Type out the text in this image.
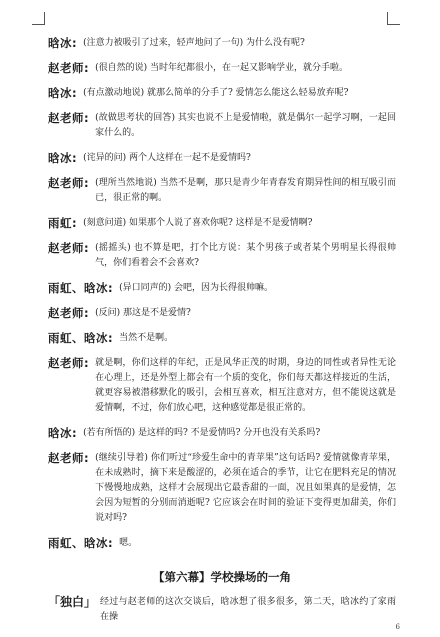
晗冰: (注意力被吸引了过来，轻声地问了一句) 为什么没有呢?
赵老师: (很自然的说) 当时年纪都很小，在一起又影响学业，就分手啦。
晗冰: (有点激动地说) 就那么简单的分手了? 爱情怎么能这么轻易放弃呢?
赵老师: (故做思考状的回答) 其实也说不上是爱情啦，就是偶尔一起学习啊，一起回家什么的。
晗冰: (诧异的问) 两个人这样在一起不是爱情吗?
赵老师: (理所当然地说) 当然不是啊，那只是青少年青春发育期异性间的相互吸引而已，很正常的啊。
雨虹: (刻意问道) 如果那个人说了喜欢你呢? 这样是不是爱情啊?
赵老师: (摇摇头) 也不算是吧，打个比方说：某个男孩子或者某个男明星长得很帅气，你们看着会不会喜欢?
雨虹、晗冰: (异口同声的) 会吧，因为长得很帅嘛。
赵老师: (反问) 那这是不是爱情?
雨虹、晗冰: 当然不是啊。
赵老师: 就是啊，你们这样的年纪，正是风华正茂的时期，身边的同性或者异性无论在心理上，还是外型上都会有一个质的变化，你们每天都这样接近的生活，就更容易被潜移默化的吸引，会相互喜欢，相互注意对方，但不能说这就是爱情啊，不过，你们放心吧，这种感觉都是很正常的。
晗冰: (若有所悟的) 是这样的吗? 不是爱情吗? 分开也没有关系吗?
赵老师: (继续引导着) 你们听过“珍爱生命中的青苹果”这句话吗? 爱情就像青苹果，在未成熟时，摘下来是酸涩的，必须在适合的季节，让它在肥料充足的情况下慢慢地成熟，这样才会展现出它最香甜的一面，况且如果真的是爱情，怎会因为短暂的分别而消逝呢? 它应该会在时间的验证下变得更加甜美，你们说对吗?
雨虹、晗冰: 嗯。
【第六幕】学校操场的一角
「独白」 经过与赵老师的这次交谈后，晗冰想了很多很多，第二天，晗冰约了家雨在操
6
